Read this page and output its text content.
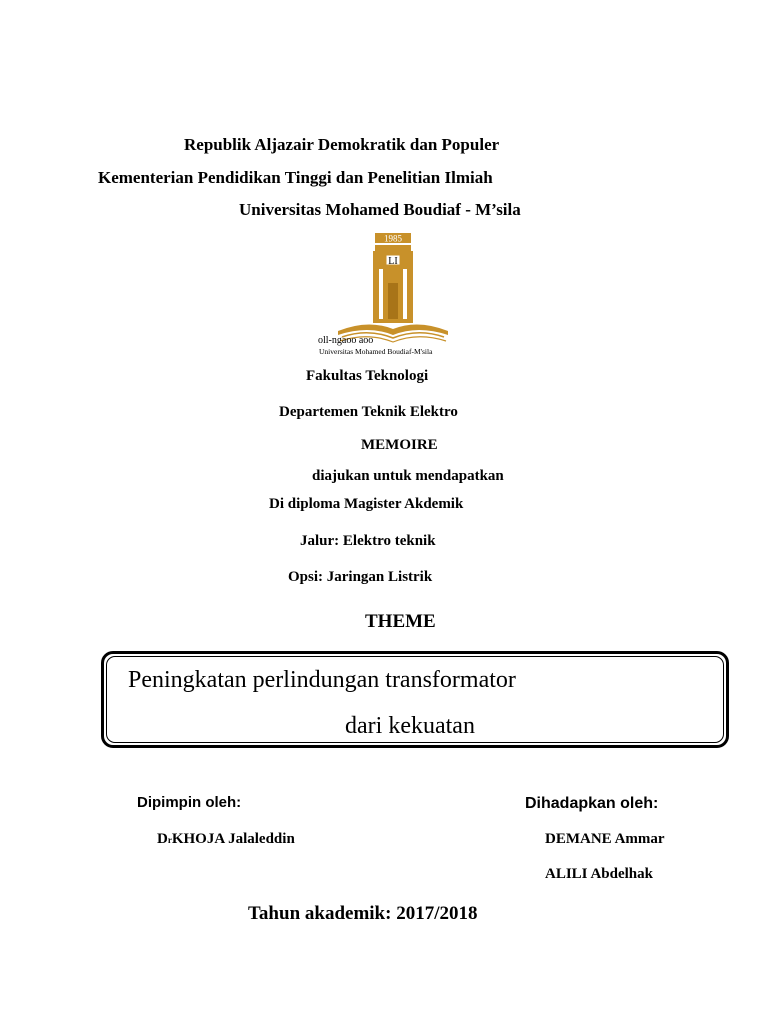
Republik Aljazair Demokratik dan Populer
Kementerian Pendidikan Tinggi dan Penelitian Ilmiah
Universitas Mohamed Boudiaf - M’sila
1985
LI
oll-ngaoo aoo
Universitas Mohamed Boudiaf-M'sila
Fakultas Teknologi
Departemen Teknik Elektro
MEMOIRE
diajukan untuk mendapatkan
Di diploma Magister Akdemik
Jalur: Elektro teknik
Opsi: Jaringan Listrik
THEME
Peningkatan perlindungan transformator
dari kekuatan
Dipimpin oleh:	Dihadapkan oleh:
DrKHOJA Jalaleddin	DEMANE Ammar
ALILI Abdelhak
Tahun akademik: 2017/2018
